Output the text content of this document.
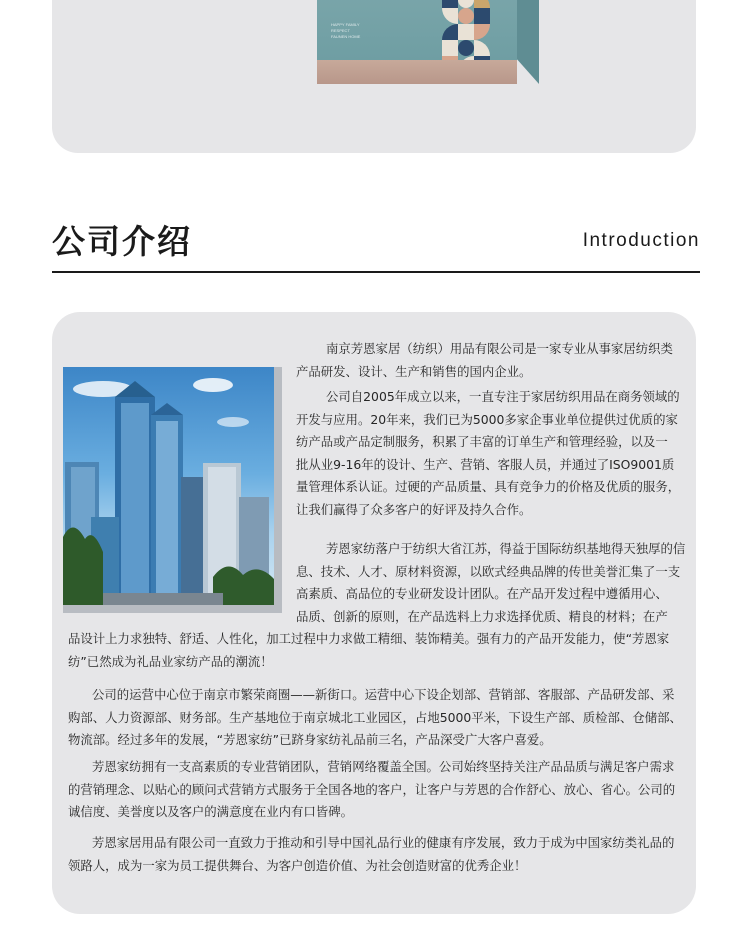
HAPPY FAMILY
RESPECT
FAUNEN HOME
公司介绍	Introduction
南京芳恩家居（纺织）用品有限公司是一家专业从事家居纺织类
产品研发、设计、生产和销售的国内企业。
公司自2005年成立以来，一直专注于家居纺织用品在商务领域的
开发与应用。20年来，我们已为5000多家企事业单位提供过优质的家
纺产品或产品定制服务，积累了丰富的订单生产和管理经验，以及一
批从业9-16年的设计、生产、营销、客服人员，并通过了ISO9001质
量管理体系认证。过硬的产品质量、具有竞争力的价格及优质的服务，
让我们赢得了众多客户的好评及持久合作。
芳恩家纺落户于纺织大省江苏，得益于国际纺织基地得天独厚的信
息、技术、人才、原材料资源，以欧式经典品牌的传世美誉汇集了一支
高素质、高品位的专业研发设计团队。在产品开发过程中遵循用心、
品质、创新的原则，在产品选料上力求选择优质、精良的材料；在产
品设计上力求独特、舒适、人性化，加工过程中力求做工精细、装饰精美。强有力的产品开发能力，使“芳恩家
纺”已然成为礼品业家纺产品的潮流！
公司的运营中心位于南京市繁荣商圈——新街口。运营中心下设企划部、营销部、客服部、产品研发部、采
购部、人力资源部、财务部。生产基地位于南京城北工业园区，占地5000平米，下设生产部、质检部、仓储部、
物流部。经过多年的发展，“芳恩家纺”已跻身家纺礼品前三名，产品深受广大客户喜爱。
芳恩家纺拥有一支高素质的专业营销团队，营销网络覆盖全国。公司始终坚持关注产品品质与满足客户需求
的营销理念、以贴心的顾问式营销方式服务于全国各地的客户，让客户与芳恩的合作舒心、放心、省心。公司的
诚信度、美誉度以及客户的满意度在业内有口皆碑。
芳恩家居用品有限公司一直致力于推动和引导中国礼品行业的健康有序发展，致力于成为中国家纺类礼品的
领路人，成为一家为员工提供舞台、为客户创造价值、为社会创造财富的优秀企业！
